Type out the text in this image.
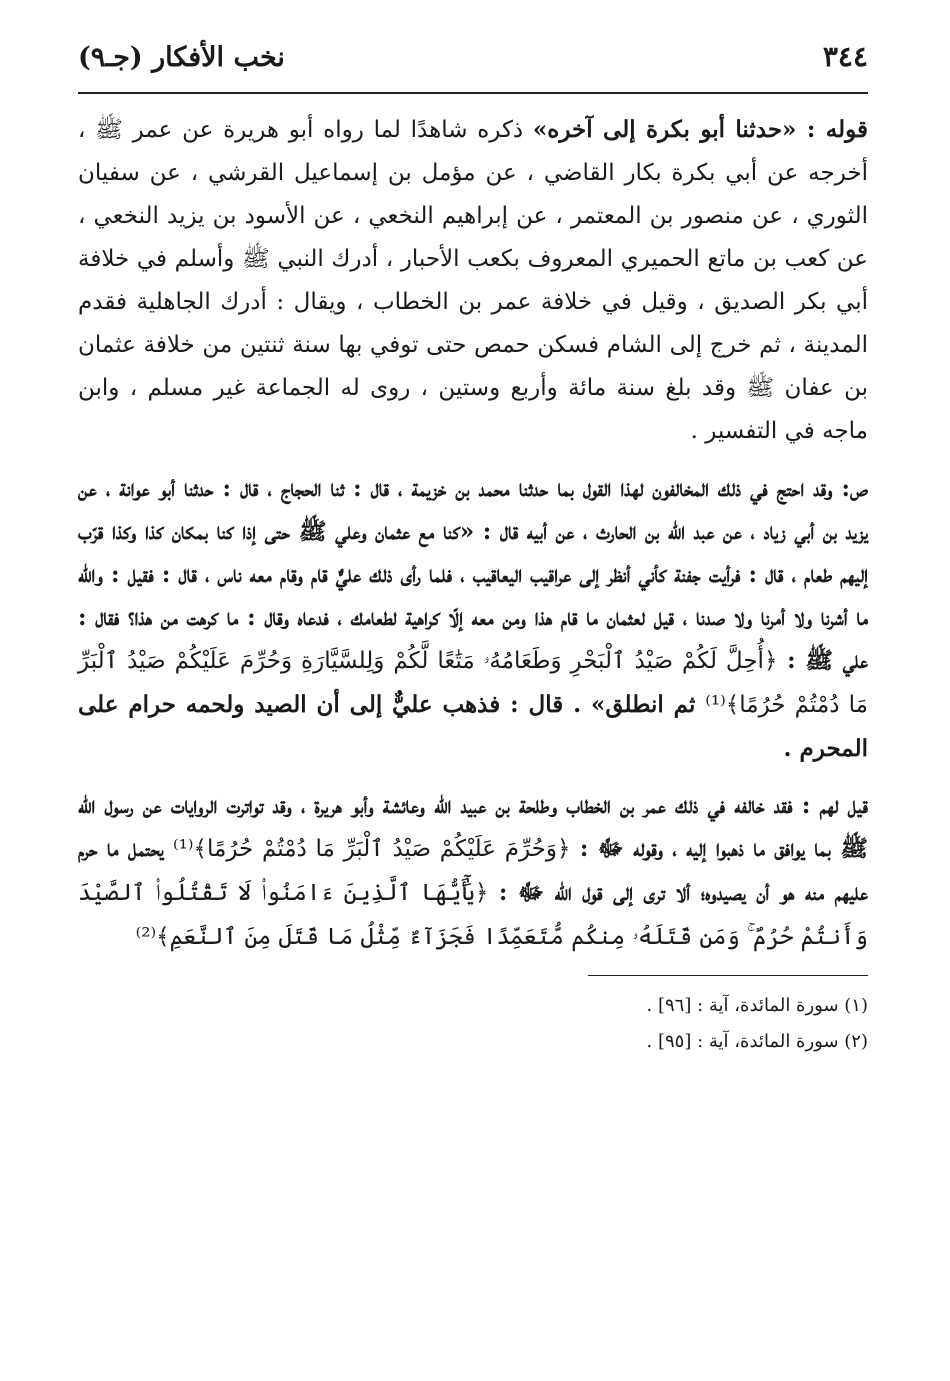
٣٤٤
نخب الأفكار (جـ٩)

قوله : «حدثنا أبو بكرة إلى آخره» ذكره شاهدًا لما رواه أبو هريرة عن عمر ﷺ ، أخرجه عن أبي بكرة بكار القاضي ، عن مؤمل بن إسماعيل القرشي ، عن سفيان الثوري ، عن منصور بن المعتمر ، عن إبراهيم النخعي ، عن الأسود بن يزيد النخعي ، عن كعب بن ماتع الحميري المعروف بكعب الأحبار ، أدرك النبي ﷺ وأسلم في خلافة أبي بكر الصديق ، وقيل في خلافة عمر بن الخطاب ، ويقال : أدرك الجاهلية فقدم المدينة ، ثم خرج إلى الشام فسكن حمص حتى توفي بها سنة ثنتين من خلافة عثمان بن عفان ﷺ وقد بلغ سنة مائة وأربع وستين ، روى له الجماعة غير مسلم ، وابن ماجه في التفسير .

ص: وقد احتج في ذلك المخالفون لهذا القول بما حدثنا محمد بن خزيمة ، قال : ثنا الحجاج ، قال : حدثنا أبو عوانة ، عن يزيد بن أبي زياد ، عن عبد الله بن الحارث ، عن أبيه قال : «كنا مع عثمان وعلي ﷺ حتى إذا كنا بمكان كذا وكذا قرّب إليهم طعام ، قال : فرأيت جفنة كأني أنظر إلى عراقيب اليعاقيب ، فلما رأى ذلك عليٌّ قام وقام معه ناس ، قال : فقيل : والله ما أشرنا ولا أمرنا ولا صدنا ، قيل لعثمان ما قام هذا ومن معه إلّا كراهية لطعامك ، فدعاه وقال : ما كرهت من هذا؟ فقال : علي ﷺ : ﴿أُحِلَّ لَكُمْ صَيْدُ ٱلْبَحْرِ وَطَعَامُهُۥ مَتَٰعًا لَّكُمْ وَلِلسَّيَّارَةِ وَحُرِّمَ عَلَيْكُمْ صَيْدُ ٱلْبَرِّ مَا دُمْتُمْ حُرُمًا﴾⁽¹⁾ ثم انطلق» . قال : فذهب عليٌّ إلى أن الصيد ولحمه حرام على المحرم .

قيل لهم : فقد خالفه في ذلك عمر بن الخطاب وطلحة بن عبيد الله وعائشة وأبو هريرة ، وقد تواترت الروايات عن رسول الله ﷺ بما يوافق ما ذهبوا إليه ، وقوله ﷻ : ﴿وَحُرِّمَ عَلَيْكُمْ صَيْدُ ٱلْبَرِّ مَا دُمْتُمْ حُرُمًا﴾⁽¹⁾ يحتمل ما حرم عليهم منه هو أن يصيدوه؛ ألا ترى إلى قول الله ﷻ : ﴿يَٰٓأَيُّهَا ٱلَّذِينَ ءَامَنُوا۟ لَا تَقْتُلُوا۟ ٱلصَّيْدَ وَأَنتُمْ حُرُمٌ ۚ وَمَن قَتَلَهُۥ مِنكُم مُّتَعَمِّدًا فَجَزَآءٌ مِّثْلُ مَا قَتَلَ مِنَ ٱلنَّعَمِ﴾⁽²⁾

(١) سورة المائدة، آية : [٩٦] .

(٢) سورة المائدة، آية : [٩٥] .
